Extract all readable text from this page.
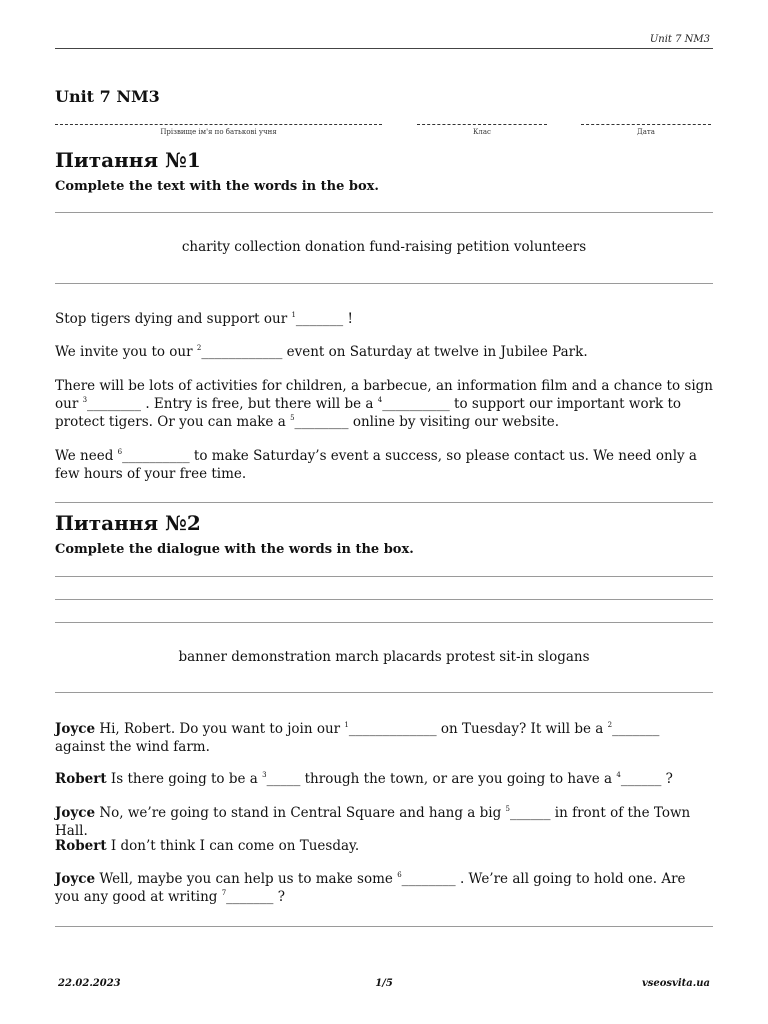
Unit 7 NM3
Unit 7 NM3
Прізвище ім'я по батькові учня	Клас	Дата
Питання №1
Complete the text with the words in the box.
charity collection donation fund-raising petition volunteers
Stop tigers dying and support our $^1$_______ !
We invite you to our $^2$____________ event on Saturday at twelve in Jubilee Park.
There will be lots of activities for children, a barbecue, an information film and a chance to sign our $^3$________ . Entry is free, but there will be a $^4$__________ to support our important work to protect tigers. Or you can make a $^5$________ online by visiting our website.
We need $^6$__________ to make Saturday’s event a success, so please contact us. We need only a few hours of your free time.
Питання №2
Complete the dialogue with the words in the box.
banner demonstration march placards protest sit-in slogans
Joyce Hi, Robert. Do you want to join our $^1$_____________ on Tuesday? It will be a $^2$_______ against the wind farm.
Robert Is there going to be a $^3$_____ through the town, or are you going to have a $^4$______ ?
Joyce No, we’re going to stand in Central Square and hang a big $^5$______ in front of the Town Hall.
Robert I don’t think I can come on Tuesday.
Joyce Well, maybe you can help us to make some $^6$________ . We’re all going to hold one. Are you any good at writing $^7$_______ ?
22.02.2023	1/5	vseosvita.ua
